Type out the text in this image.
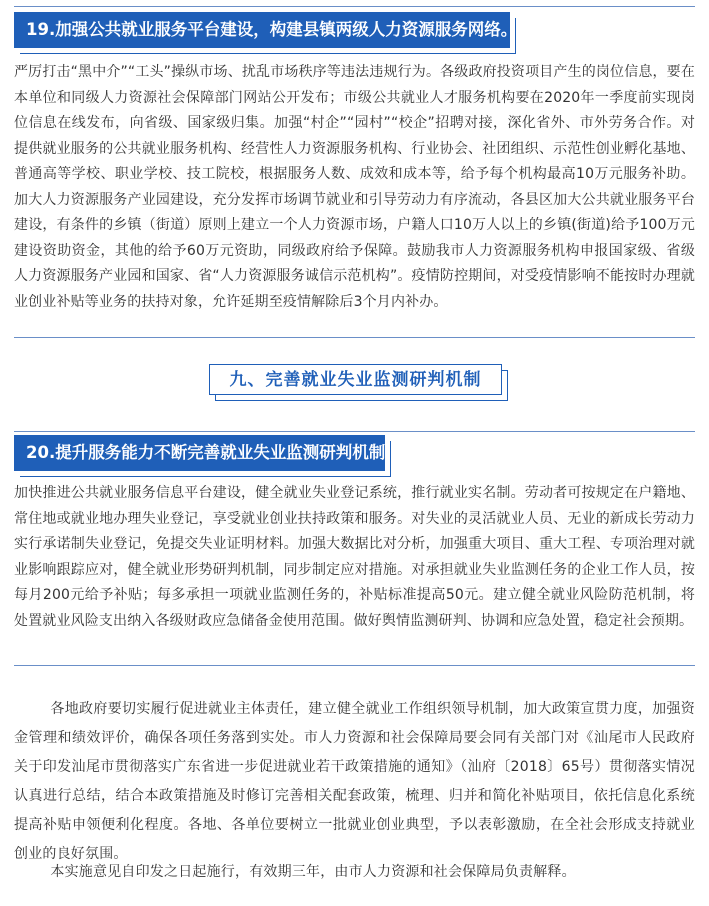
19.加强公共就业服务平台建设，构建县镇两级人力资源服务网络。

严厉打击“黑中介”“工头”操纵市场、扰乱市场秩序等违法违规行为。各级政府投资项目产生的岗位信息，要在本单位和同级人力资源社会保障部门网站公开发布；市级公共就业人才服务机构要在2020年一季度前实现岗位信息在线发布，向省级、国家级归集。加强“村企”“园村”“校企”招聘对接，深化省外、市外劳务合作。对提供就业服务的公共就业服务机构、经营性人力资源服务机构、行业协会、社团组织、示范性创业孵化基地、普通高等学校、职业学校、技工院校，根据服务人数、成效和成本等，给予每个机构最高10万元服务补助。加大人力资源服务产业园建设，充分发挥市场调节就业和引导劳动力有序流动，各县区加大公共就业服务平台建设，有条件的乡镇（街道）原则上建立一个人力资源市场，户籍人口10万人以上的乡镇(街道)给予100万元建设资助资金，其他的给予60万元资助，同级政府给予保障。鼓励我市人力资源服务机构申报国家级、省级人力资源服务产业园和国家、省“人力资源服务诚信示范机构”。疫情防控期间，对受疫情影响不能按时办理就业创业补贴等业务的扶持对象，允许延期至疫情解除后3个月内补办。

九、完善就业失业监测研判机制
20.提升服务能力不断完善就业失业监测研判机制。

加快推进公共就业服务信息平台建设，健全就业失业登记系统，推行就业实名制。劳动者可按规定在户籍地、常住地或就业地办理失业登记，享受就业创业扶持政策和服务。对失业的灵活就业人员、无业的新成长劳动力实行承诺制失业登记，免提交失业证明材料。加强大数据比对分析，加强重大项目、重大工程、专项治理对就业影响跟踪应对，健全就业形势研判机制，同步制定应对措施。对承担就业失业监测任务的企业工作人员，按每月200元给予补贴；每多承担一项就业监测任务的，补贴标准提高50元。建立健全就业风险防范机制，将处置就业风险支出纳入各级财政应急储备金使用范围。做好舆情监测研判、协调和应急处置，稳定社会预期。

各地政府要切实履行促进就业主体责任，建立健全就业工作组织领导机制，加大政策宣贯力度，加强资金管理和绩效评价，确保各项任务落到实处。市人力资源和社会保障局要会同有关部门对《汕尾市人民政府关于印发汕尾市贯彻落实广东省进一步促进就业若干政策措施的通知》（汕府〔2018〕65号）贯彻落实情况认真进行总结，结合本政策措施及时修订完善相关配套政策，梳理、归并和简化补贴项目，依托信息化系统提高补贴申领便利化程度。各地、各单位要树立一批就业创业典型，予以表彰激励，在全社会形成支持就业创业的良好氛围。

本实施意见自印发之日起施行，有效期三年，由市人力资源和社会保障局负责解释。
